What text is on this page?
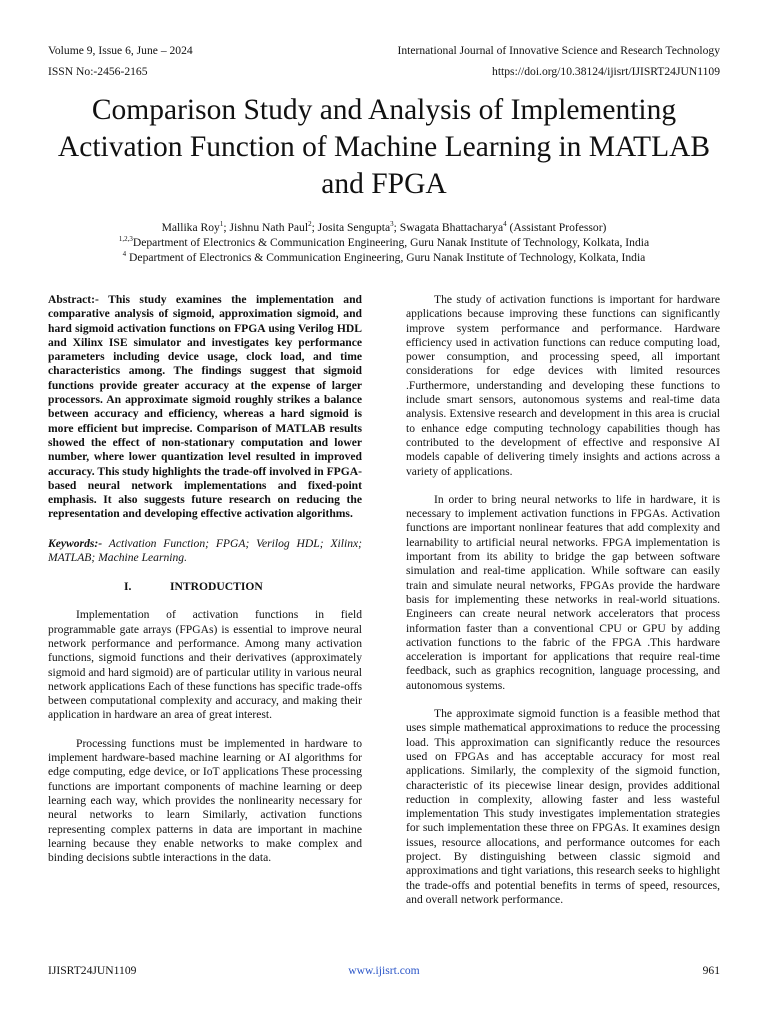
Volume 9, Issue 6, June – 2024	International Journal of Innovative Science and Research Technology
ISSN No:-2456-2165	https://doi.org/10.38124/ijisrt/IJISRT24JUN1109
Comparison Study and Analysis of Implementing Activation Function of Machine Learning in MATLAB and FPGA
Mallika Roy$^1$; Jishnu Nath Paul$^2$; Josita Sengupta$^3$; Swagata Bhattacharya$^4$ (Assistant Professor)
$^{1,2,3}$Department of Electronics & Communication Engineering, Guru Nanak Institute of Technology, Kolkata, India
$^4$ Department of Electronics & Communication Engineering, Guru Nanak Institute of Technology, Kolkata, India

Abstract:- This study examines the implementation and comparative analysis of sigmoid, approximation sigmoid, and hard sigmoid activation functions on FPGA using Verilog HDL and Xilinx ISE simulator and investigates key performance parameters including device usage, clock load, and time characteristics among. The findings suggest that sigmoid functions provide greater accuracy at the expense of larger processors. An approximate sigmoid roughly strikes a balance between accuracy and efficiency, whereas a hard sigmoid is more efficient but imprecise. Comparison of MATLAB results showed the effect of non-stationary computation and lower number, where lower quantization level resulted in improved accuracy. This study highlights the trade-off involved in FPGA-based neural network implementations and fixed-point emphasis. It also suggests future research on reducing the representation and developing effective activation algorithms.

Keywords:- Activation Function; FPGA; Verilog HDL; Xilinx; MATLAB; Machine Learning.

I.	INTRODUCTION

Implementation of activation functions in field programmable gate arrays (FPGAs) is essential to improve neural network performance and performance. Among many activation functions, sigmoid functions and their derivatives (approximately sigmoid and hard sigmoid) are of particular utility in various neural network applications Each of these functions has specific trade-offs between computational complexity and accuracy, and making their application in hardware an area of great interest.

Processing functions must be implemented in hardware to implement hardware-based machine learning or AI algorithms for edge computing, edge device, or IoT applications These processing functions are important components of machine learning or deep learning each way, which provides the nonlinearity necessary for neural networks to learn Similarly, activation functions representing complex patterns in data are important in machine learning because they enable networks to make complex and binding decisions subtle interactions in the data.

The study of activation functions is important for hardware applications because improving these functions can significantly improve system performance and performance. Hardware efficiency used in activation functions can reduce computing load, power consumption, and processing speed, all important considerations for edge devices with limited resources .Furthermore, understanding and developing these functions to include smart sensors, autonomous systems and real-time data analysis. Extensive research and development in this area is crucial to enhance edge computing technology capabilities though has contributed to the development of effective and responsive AI models capable of delivering timely insights and actions across a variety of applications.

In order to bring neural networks to life in hardware, it is necessary to implement activation functions in FPGAs. Activation functions are important nonlinear features that add complexity and learnability to artificial neural networks. FPGA implementation is important from its ability to bridge the gap between software simulation and real-time application. While software can easily train and simulate neural networks, FPGAs provide the hardware basis for implementing these networks in real-world situations. Engineers can create neural network accelerators that process information faster than a conventional CPU or GPU by adding activation functions to the fabric of the FPGA .This hardware acceleration is important for applications that require real-time feedback, such as graphics recognition, language processing, and autonomous systems.

The approximate sigmoid function is a feasible method that uses simple mathematical approximations to reduce the processing load. This approximation can significantly reduce the resources used on FPGAs and has acceptable accuracy for most real applications. Similarly, the complexity of the sigmoid function, characteristic of its piecewise linear design, provides additional reduction in complexity, allowing faster and less wasteful implementation This study investigates implementation strategies for such implementation these three on FPGAs. It examines design issues, resource allocations, and performance outcomes for each project. By distinguishing between classic sigmoid and approximations and tight variations, this research seeks to highlight the trade-offs and potential benefits in terms of speed, resources, and overall network performance.

IJISRT24JUN1109	www.ijisrt.com	961
